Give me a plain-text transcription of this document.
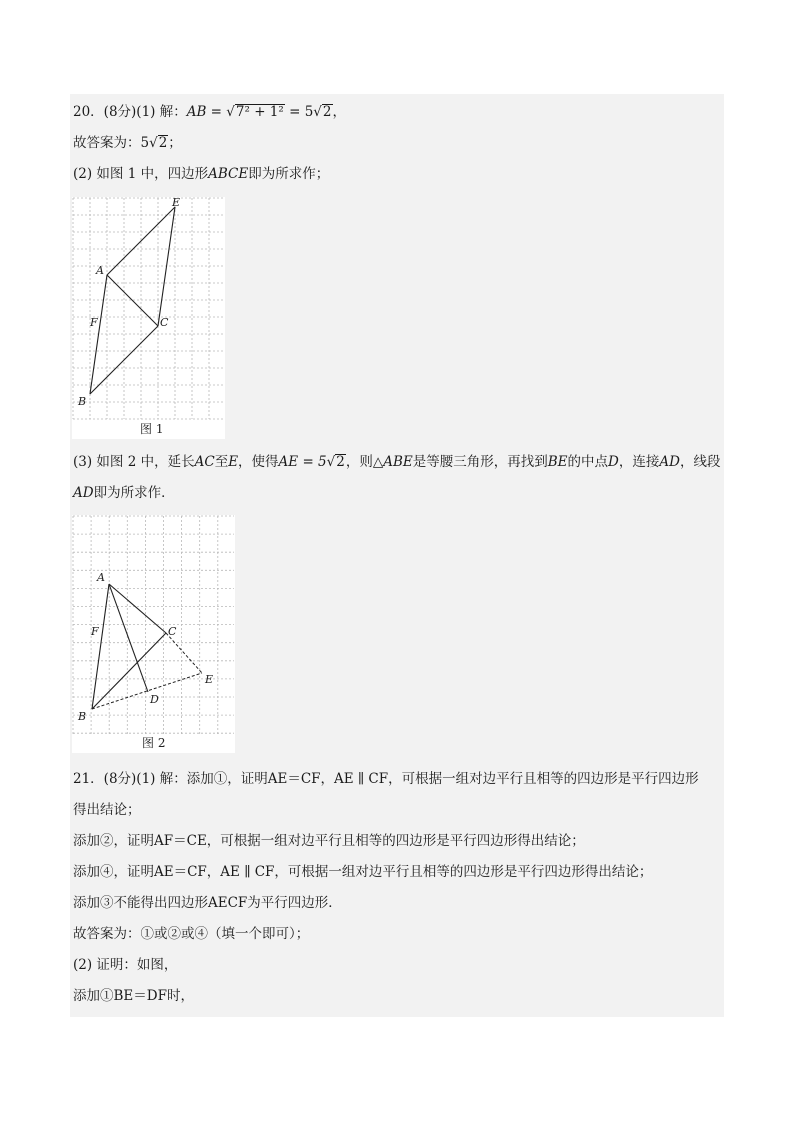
20．(8分)(1) 解：AB = √7² + 1² = 5√2，
故答案为：5√2；
(2) 如图 1 中，四边形ABCE即为所求作；
E
A
F	C
B
图 1
(3) 如图 2 中，延长AC至E，使得AE = 5√2，则△ABE是等腰三角形，再找到BE的中点D，连接AD，线段
AD即为所求作．
A
F	C
E
D
B
图 2
21．(8分)(1) 解：添加①，证明AE＝CF，AE ∥ CF，可根据一组对边平行且相等的四边形是平行四边形
得出结论；
添加②，证明AF＝CE，可根据一组对边平行且相等的四边形是平行四边形得出结论；
添加④，证明AE＝CF，AE ∥ CF，可根据一组对边平行且相等的四边形是平行四边形得出结论；
添加③不能得出四边形AECF为平行四边形．
故答案为：①或②或④（填一个即可）；
(2) 证明：如图，
添加①BE＝DF时，
